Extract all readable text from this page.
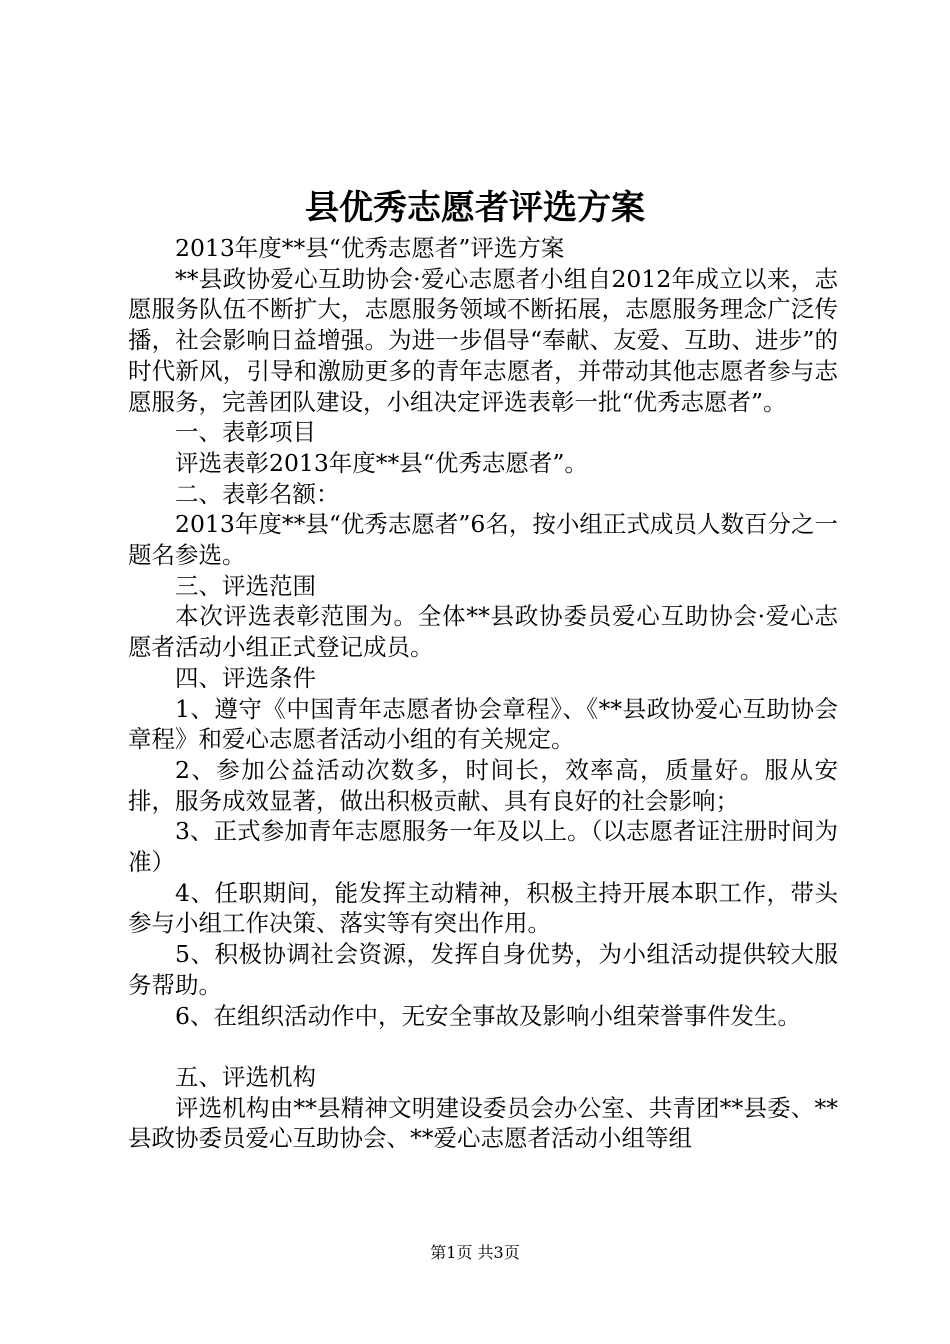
县优秀志愿者评选方案

2013年度**县“优秀志愿者”评选方案

**县政协爱心互助协会·爱心志愿者小组自2012年成立以来，志愿服务队伍不断扩大，志愿服务领域不断拓展，志愿服务理念广泛传播，社会影响日益增强。为进一步倡导“奉献、友爱、互助、进步”的时代新风，引导和激励更多的青年志愿者，并带动其他志愿者参与志愿服务，完善团队建设，小组决定评选表彰一批“优秀志愿者”。

一、表彰项目

评选表彰2013年度**县“优秀志愿者”。

二、表彰名额：

2013年度**县“优秀志愿者”6名，按小组正式成员人数百分之一题名参选。

三、评选范围

本次评选表彰范围为。全体**县政协委员爱心互助协会·爱心志愿者活动小组正式登记成员。

四、评选条件

1、遵守《中国青年志愿者协会章程》、《**县政协爱心互助协会章程》和爱心志愿者活动小组的有关规定。

2、参加公益活动次数多，时间长，效率高，质量好。服从安排，服务成效显著，做出积极贡献、具有良好的社会影响；

3、正式参加青年志愿服务一年及以上。（以志愿者证注册时间为准）

4、任职期间，能发挥主动精神，积极主持开展本职工作，带头参与小组工作决策、落实等有突出作用。

5、积极协调社会资源，发挥自身优势，为小组活动提供较大服务帮助。

6、在组织活动作中，无安全事故及影响小组荣誉事件发生。

五、评选机构

评选机构由**县精神文明建设委员会办公室、共青团**县委、**县政协委员爱心互助协会、**爱心志愿者活动小组等组

第1页 共3页
